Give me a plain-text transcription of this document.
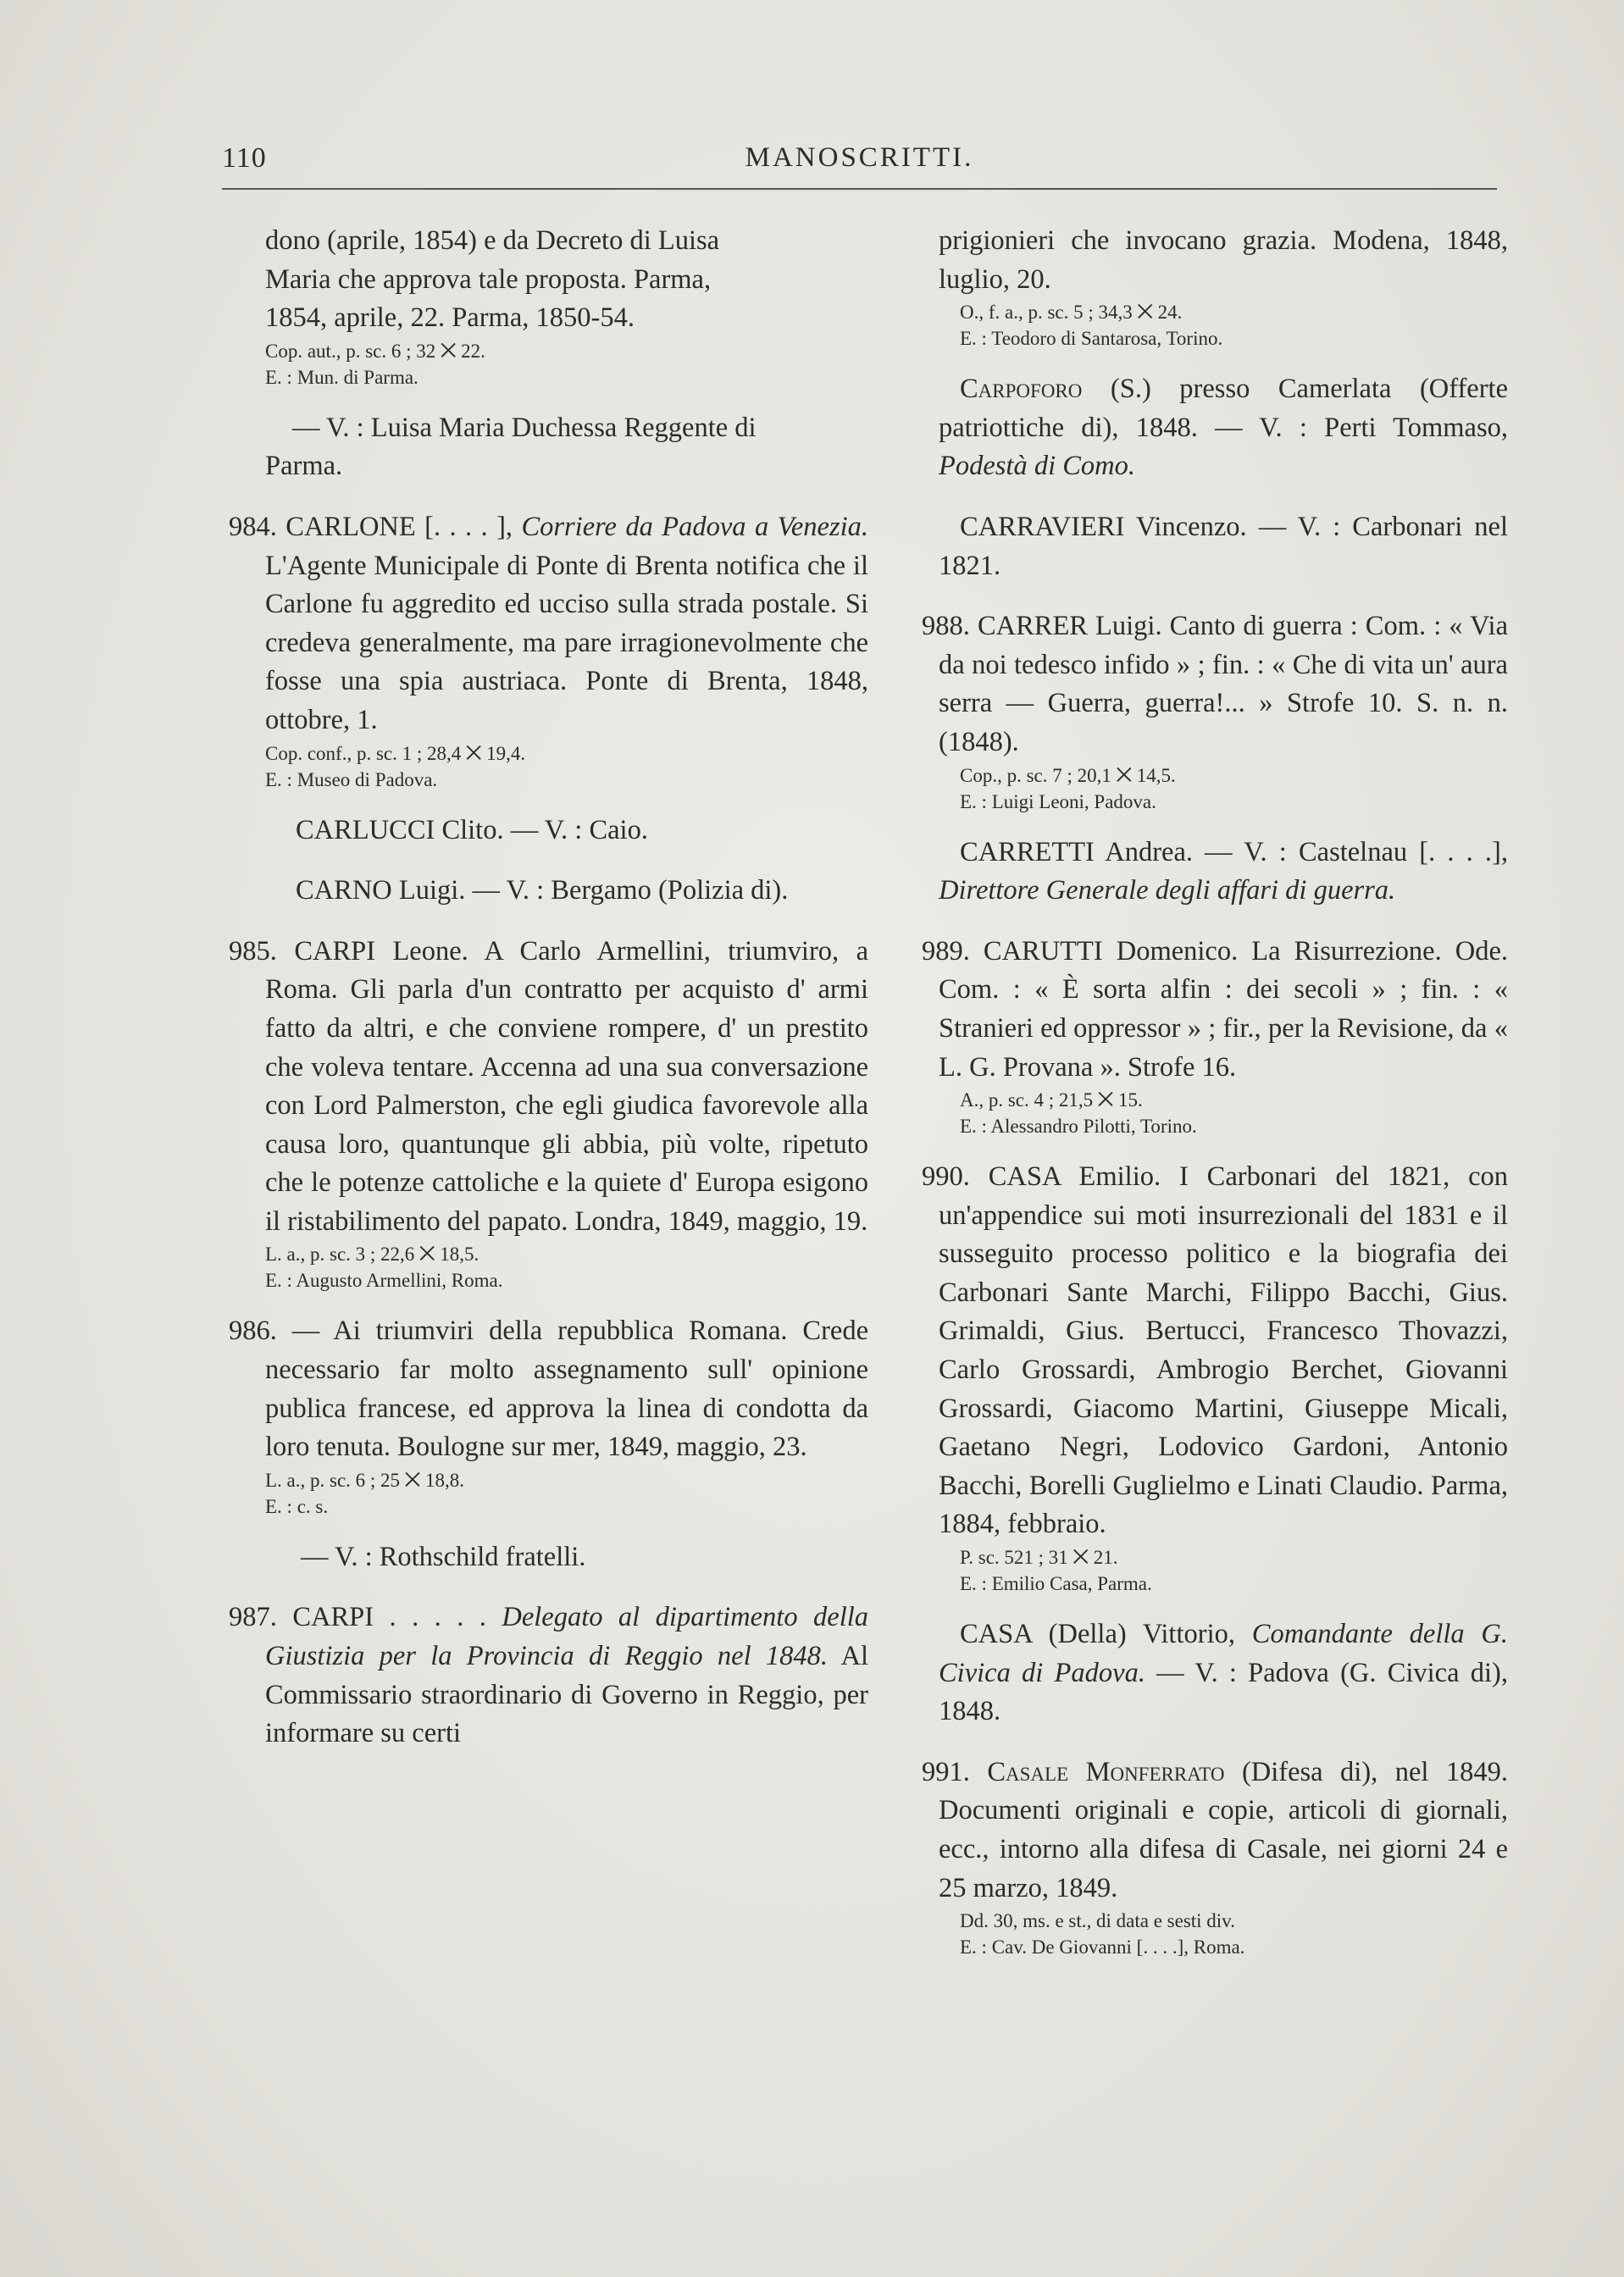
110	MANOSCRITTI.

dono (aprile, 1854) e da Decreto di Luisa

Maria che approva tale proposta. Parma,

1854, aprile, 22. Parma, 1850-54.

Cop. aut., p. sc. 6 ; 32 ⨉ 22.

E. : Mun. di Parma.

— V. : Luisa Maria Duchessa Reggente di

Parma.

984. CARLONE [. . . . ], Corriere da Padova a Venezia. L'Agente Municipale di Ponte di Brenta notifica che il Carlone fu aggredito ed ucciso sulla strada postale. Si credeva generalmente, ma pare irragionevolmente che fosse una spia austriaca. Ponte di Brenta, 1848, ottobre, 1.

Cop. conf., p. sc. 1 ; 28,4 ⨉ 19,4.

E. : Museo di Padova.

CARLUCCI Clito. — V. : Caio.

CARNO Luigi. — V. : Bergamo (Polizia di).

985. CARPI Leone. A Carlo Armellini, triumviro, a Roma. Gli parla d'un contratto per acquisto d' armi fatto da altri, e che conviene rompere, d' un prestito che voleva tentare. Accenna ad una sua conversazione con Lord Palmerston, che egli giudica favorevole alla causa loro, quantunque gli abbia, più volte, ripetuto che le potenze cattoliche e la quiete d' Europa esigono il ristabilimento del papato. Londra, 1849, maggio, 19.

L. a., p. sc. 3 ; 22,6 ⨉ 18,5.

E. : Augusto Armellini, Roma.

986. — Ai triumviri della repubblica Romana. Crede necessario far molto assegnamento sull' opinione publica francese, ed approva la linea di condotta da loro tenuta. Boulogne sur mer, 1849, maggio, 23.

L. a., p. sc. 6 ; 25 ⨉ 18,8.

E. : c. s.

— V. : Rothschild fratelli.

987. CARPI . . . . . Delegato al dipartimento della Giustizia per la Provincia di Reggio nel 1848. Al Commissario straordinario di Governo in Reggio, per informare su certi

prigionieri che invocano grazia. Modena, 1848, luglio, 20.

O., f. a., p. sc. 5 ; 34,3 ⨉ 24.

E. : Teodoro di Santarosa, Torino.

Carpoforo (S.) presso Camerlata (Offerte patriottiche di), 1848. — V. : Perti Tommaso, Podestà di Como.

CARRAVIERI Vincenzo. — V. : Carbonari nel 1821.

988. CARRER Luigi. Canto di guerra : Com. : « Via da noi tedesco infido » ; fin. : « Che di vita un' aura serra — Guerra, guerra!... » Strofe 10. S. n. n. (1848).

Cop., p. sc. 7 ; 20,1 ⨉ 14,5.

E. : Luigi Leoni, Padova.

CARRETTI Andrea. — V. : Castelnau [. . . .], Direttore Generale degli affari di guerra.

989. CARUTTI Domenico. La Risurrezione. Ode. Com. : « È sorta alfin : dei secoli » ; fin. : « Stranieri ed oppressor » ; fir., per la Revisione, da « L. G. Provana ». Strofe 16.

A., p. sc. 4 ; 21,5 ⨉ 15.

E. : Alessandro Pilotti, Torino.

990. CASA Emilio. I Carbonari del 1821, con un'appendice sui moti insurrezionali del 1831 e il susseguito processo politico e la biografia dei Carbonari Sante Marchi, Filippo Bacchi, Gius. Grimaldi, Gius. Bertucci, Francesco Thovazzi, Carlo Grossardi, Ambrogio Berchet, Giovanni Grossardi, Giacomo Martini, Giuseppe Micali, Gaetano Negri, Lodovico Gardoni, Antonio Bacchi, Borelli Guglielmo e Linati Claudio. Parma, 1884, febbraio.

P. sc. 521 ; 31 ⨉ 21.

E. : Emilio Casa, Parma.

CASA (Della) Vittorio, Comandante della G. Civica di Padova. — V. : Padova (G. Civica di), 1848.

991. Casale Monferrato (Difesa di), nel 1849. Documenti originali e copie, articoli di giornali, ecc., intorno alla difesa di Casale, nei giorni 24 e 25 marzo, 1849.

Dd. 30, ms. e st., di data e sesti div.

E. : Cav. De Giovanni [. . . .], Roma.
